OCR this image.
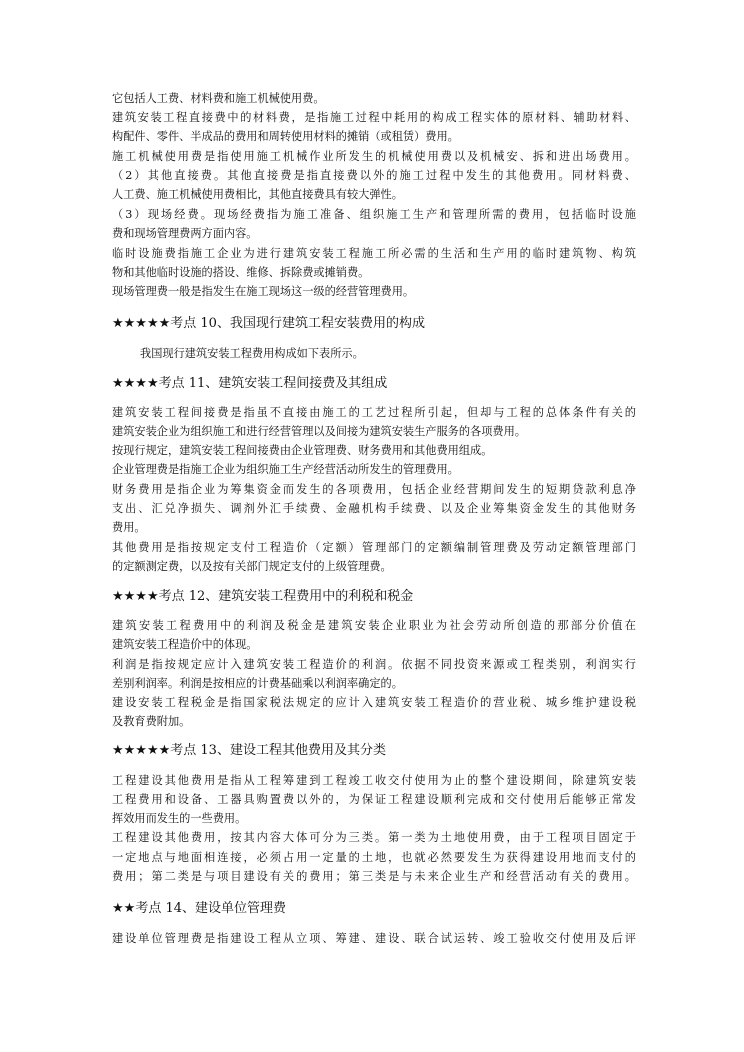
它包括人工费、材料费和施工机械使用费。
建筑安装工程直接费中的材料费，是指施工过程中耗用的构成工程实体的原材料、辅助材料、
构配件、零件、半成品的费用和周转使用材料的摊销（或租赁）费用。
施工机械使用费是指使用施工机械作业所发生的机械使用费以及机械安、拆和进出场费用。
（2）其他直接费。其他直接费是指直接费以外的施工过程中发生的其他费用。同材料费、
人工费、施工机械使用费相比，其他直接费具有较大弹性。
（3）现场经费。现场经费指为施工准备、组织施工生产和管理所需的费用，包括临时设施
费和现场管理费两方面内容。
临时设施费指施工企业为进行建筑安装工程施工所必需的生活和生产用的临时建筑物、构筑
物和其他临时设施的搭设、维修、拆除费或摊销费。
现场管理费一般是指发生在施工现场这一级的经营管理费用。
★★★★★考点 10、我国现行建筑工程安装费用的构成
我国现行建筑安装工程费用构成如下表所示。
★★★★考点 11、建筑安装工程间接费及其组成
建筑安装工程间接费是指虽不直接由施工的工艺过程所引起，但却与工程的总体条件有关的
建筑安装企业为组织施工和进行经营管理以及间接为建筑安装生产服务的各项费用。
按现行规定，建筑安装工程间接费由企业管理费、财务费用和其他费用组成。
企业管理费是指施工企业为组织施工生产经营活动所发生的管理费用。
财务费用是指企业为筹集资金而发生的各项费用，包括企业经营期间发生的短期贷款利息净
支出、汇兑净损失、调剂外汇手续费、金融机构手续费、以及企业筹集资金发生的其他财务
费用。
其他费用是指按规定支付工程造价（定额）管理部门的定额编制管理费及劳动定额管理部门
的定额测定费，以及按有关部门规定支付的上级管理费。
★★★★考点 12、建筑安装工程费用中的利税和税金
建筑安装工程费用中的利润及税金是建筑安装企业职业为社会劳动所创造的那部分价值在
建筑安装工程造价中的体现。
利润是指按规定应计入建筑安装工程造价的利润。依据不同投资来源或工程类别，利润实行
差别利润率。利润是按相应的计费基础乘以利润率确定的。
建设安装工程税金是指国家税法规定的应计入建筑安装工程造价的营业税、城乡维护建设税
及教育费附加。
★★★★★考点 13、建设工程其他费用及其分类
工程建设其他费用是指从工程筹建到工程竣工收交付使用为止的整个建设期间，除建筑安装
工程费用和设备、工器具购置费以外的，为保证工程建设顺利完成和交付使用后能够正常发
挥效用而发生的一些费用。
工程建设其他费用，按其内容大体可分为三类。第一类为土地使用费，由于工程项目固定于
一定地点与地面相连接，必须占用一定量的土地，也就必然要发生为获得建设用地而支付的
费用；第二类是与项目建设有关的费用；第三类是与未来企业生产和经营活动有关的费用。
★★考点 14、建设单位管理费
建设单位管理费是指建设工程从立项、筹建、建设、联合试运转、竣工验收交付使用及后评
